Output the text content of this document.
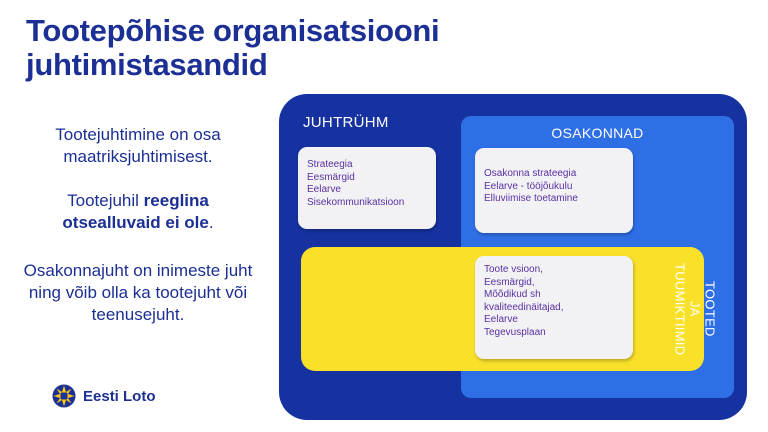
Tootepõhise organisatsiooni
juhtimistasandid

Tootejuhtimine on osa maatriksjuhtimisest.

Tootejuhil reeglina otsealluvaid ei ole.

Osakonnajuht on inimeste juht ning võib olla ka tootejuht või teenusejuht.

Eesti Loto
JUHTRÜHM
OSAKONNAD
Strateegia
Eesmärgid
Eelarve
Sisekommunikatsioon
Osakonna strateegia
Eelarve - tööjõukulu
Elluviimise toetamine
Toote vsioon,
Eesmärgid,
Mõõdikud sh
kvaliteedinäitajad,
Eelarve
Tegevusplaan	TOOTED
JA
TUUMIKTIIMID
